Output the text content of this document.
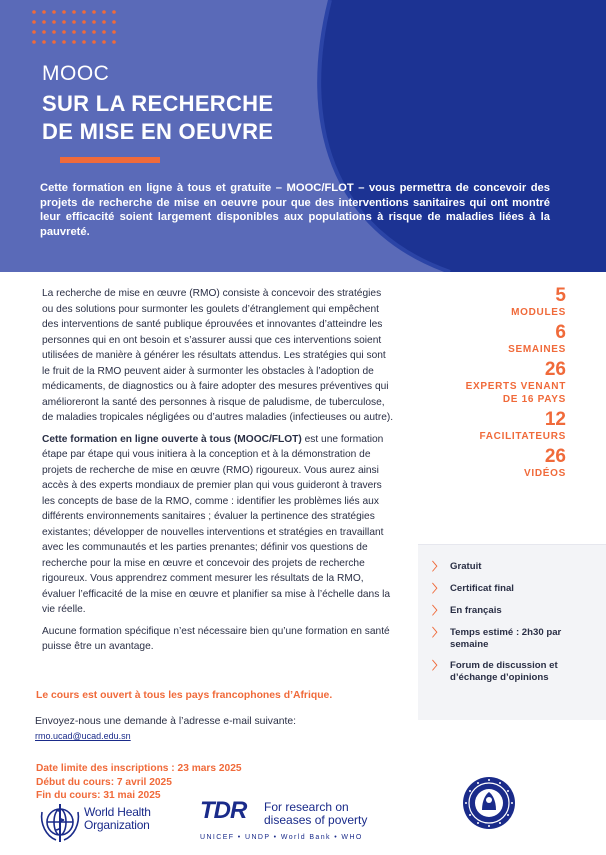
MOOC
SUR LA RECHERCHE
DE MISE EN OEUVRE
Cette formation en ligne à tous et gratuite – MOOC/FLOT – vous permettra de concevoir des projets de recherche de mise en oeuvre pour que des interventions sanitaires qui ont montré leur efficacité soient largement disponibles aux populations à risque de maladies liées à la pauvreté.

La recherche de mise en œuvre (RMO) consiste à concevoir des stratégies ou des solutions pour surmonter les goulets d’étranglement qui empêchent des interventions de santé publique éprouvées et innovantes d’atteindre les personnes qui en ont besoin et s’assurer aussi que ces interventions soient utilisées de manière à générer les résultats attendus. Les stratégies qui sont le fruit de la RMO peuvent aider à surmonter les obstacles à l’adoption de médicaments, de diagnostics ou à faire adopter des mesures préventives qui amélioreront la santé des personnes à risque de paludisme, de tuberculose, de maladies tropicales négligées ou d’autres maladies (infectieuses ou autre).

Cette formation en ligne ouverte à tous (MOOC/FLOT) est une formation étape par étape qui vous initiera à la conception et à la démonstration de projets de recherche de mise en œuvre (RMO) rigoureux. Vous aurez ainsi accès à des experts mondiaux de premier plan qui vous guideront à travers les concepts de base de la RMO, comme : identifier les problèmes liés aux différents environnements sanitaires ; évaluer la pertinence des stratégies existantes; développer de nouvelles interventions et stratégies en travaillant avec les communautés et les parties prenantes; définir vos questions de recherche pour la mise en œuvre et concevoir des projets de recherche rigoureux. Vous apprendrez comment mesurer les résultats de la RMO, évaluer l’efficacité de la mise en œuvre et planifier sa mise à l’échelle dans la vie réelle.

Aucune formation spécifique n’est nécessaire bien qu’une formation en santé puisse être un avantage.

Le cours est ouvert à tous les pays francophones d’Afrique.
Envoyez-nous une demande à l’adresse e-mail suivante:
rmo.ucad@ucad.edu.sn
Date limite des inscriptions : 23 mars 2025
Début du cours: 7 avril 2025
Fin du cours: 31 mai 2025
5
MODULES
6
SEMAINES
26
EXPERTS VENANT
DE 16 PAYS
12
FACILITATEURS
26
VIDÉOS
〉 Gratuit
〉 Certificat final
〉 En français
〉 Temps estimé : 2h30 par semaine
〉 Forum de discussion et d’échange d’opinions
World Health
Organization
TDR For research on
diseases of poverty
UNICEF • UNDP • World Bank • WHO
